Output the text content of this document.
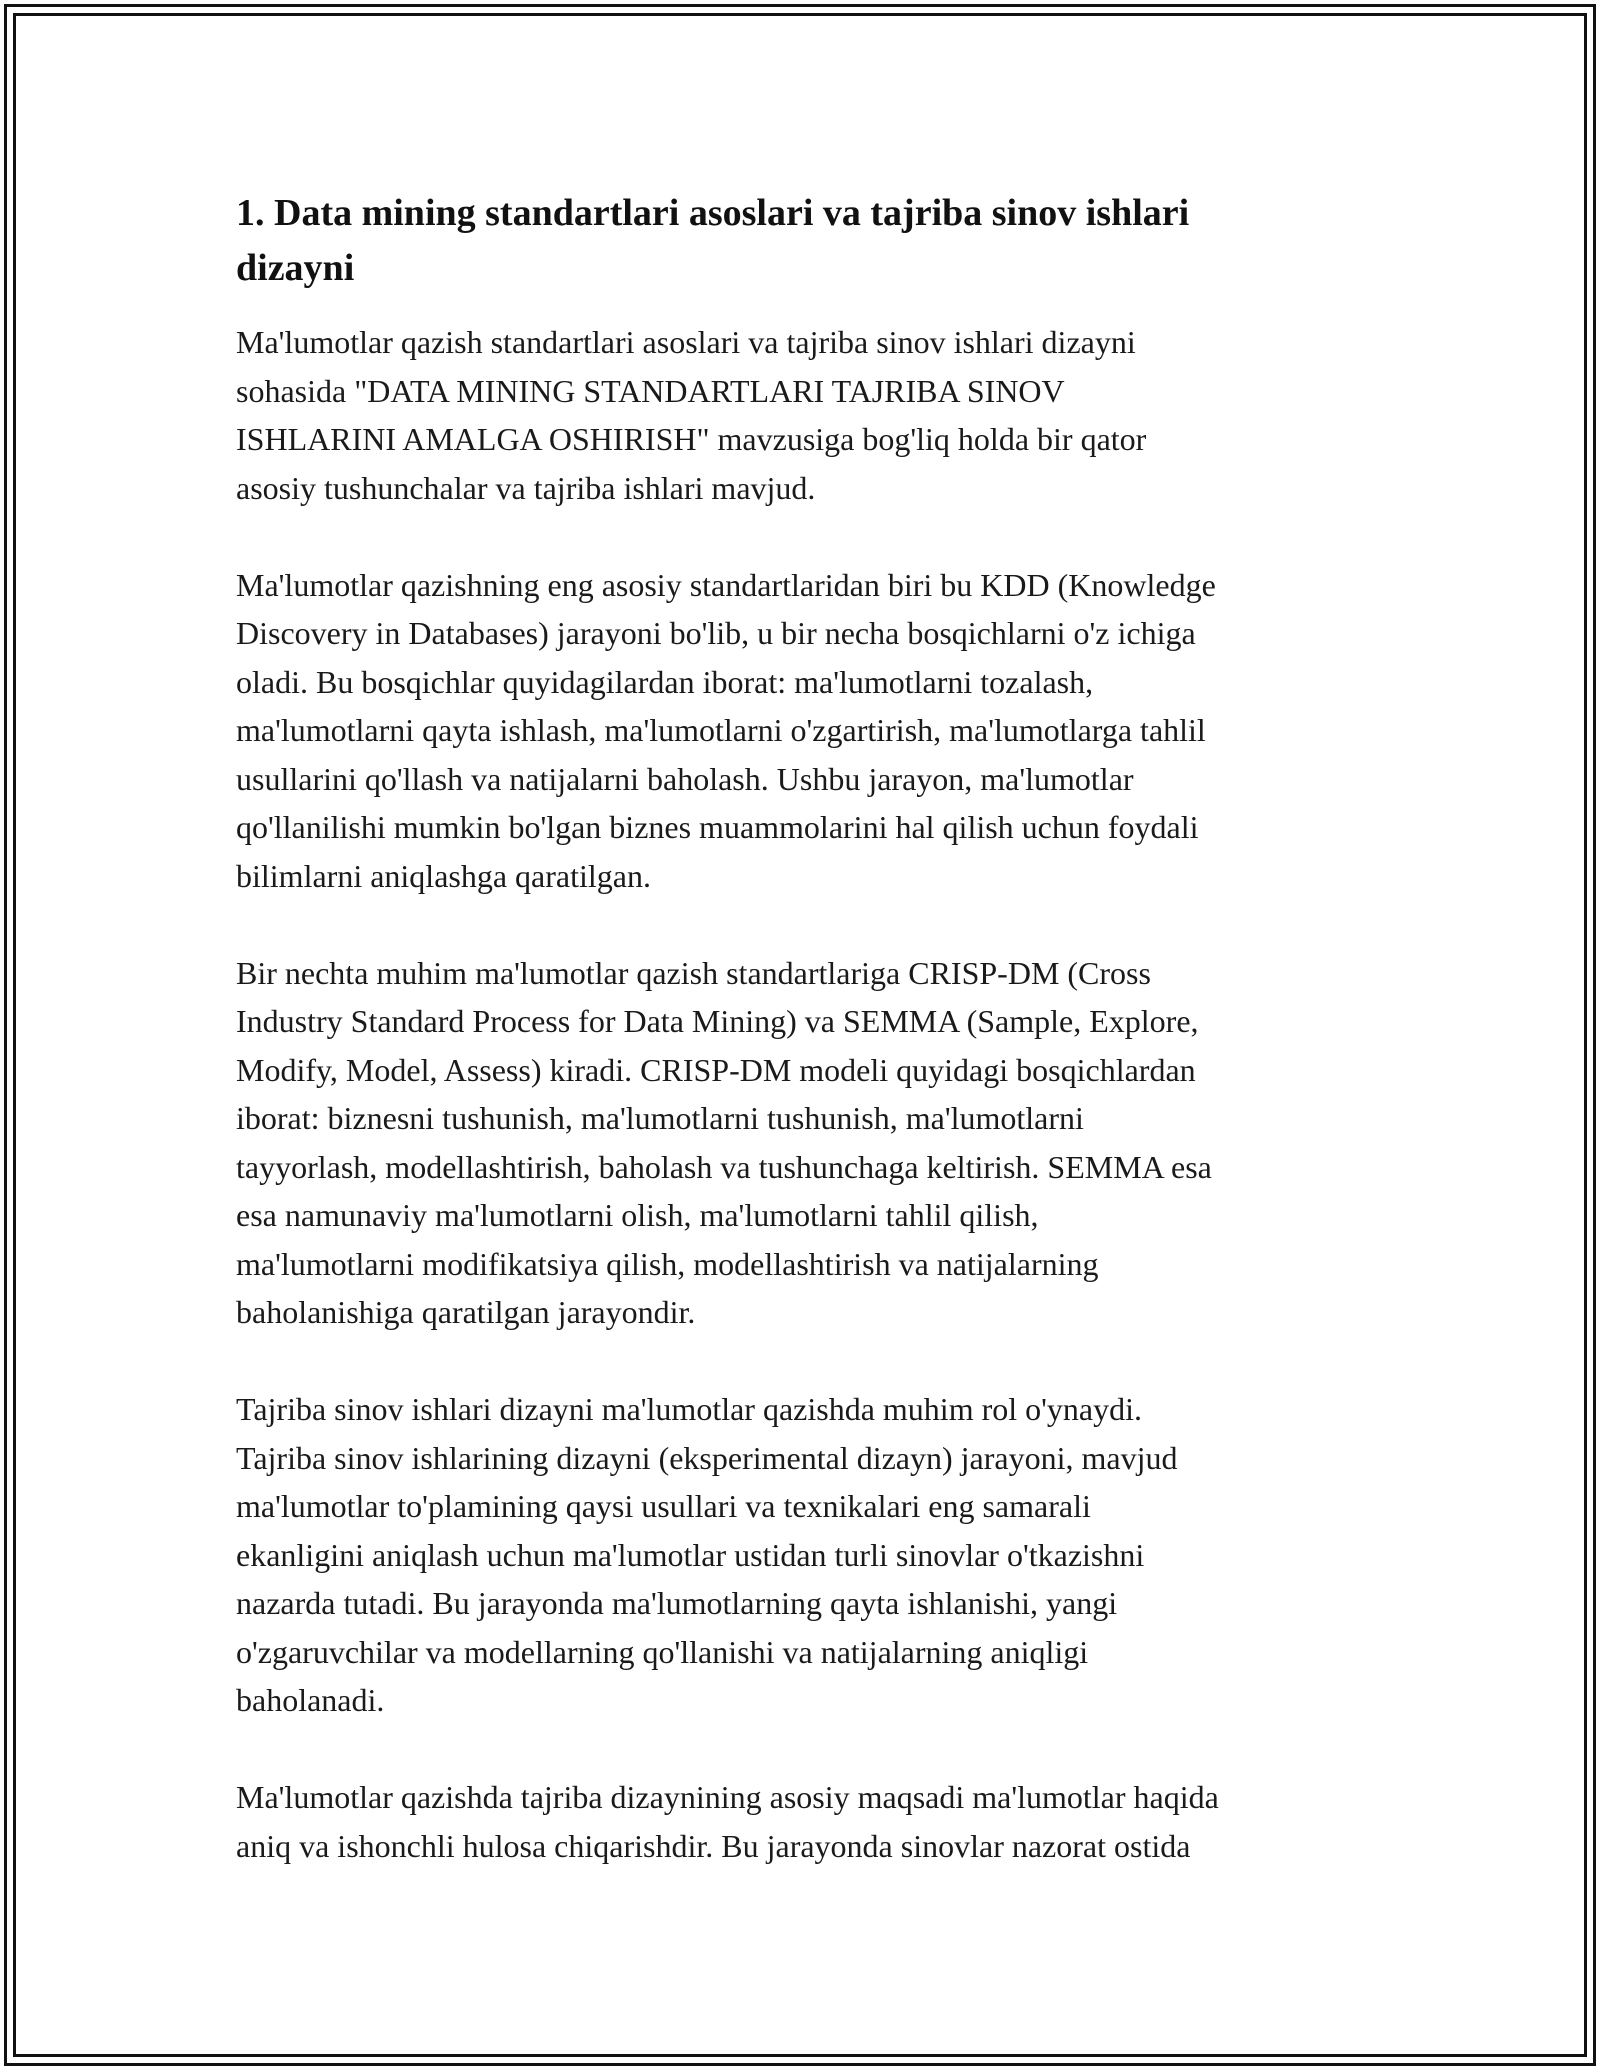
1. Data mining standartlari asoslari va tajriba sinov ishlari
dizayni

Ma'lumotlar qazish standartlari asoslari va tajriba sinov ishlari dizayni
sohasida "DATA MINING STANDARTLARI TAJRIBA SINOV
ISHLARINI AMALGA OSHIRISH" mavzusiga bog'liq holda bir qator
asosiy tushunchalar va tajriba ishlari mavjud.

Ma'lumotlar qazishning eng asosiy standartlaridan biri bu KDD (Knowledge
Discovery in Databases) jarayoni bo'lib, u bir necha bosqichlarni o'z ichiga
oladi. Bu bosqichlar quyidagilardan iborat: ma'lumotlarni tozalash,
ma'lumotlarni qayta ishlash, ma'lumotlarni o'zgartirish, ma'lumotlarga tahlil
usullarini qo'llash va natijalarni baholash. Ushbu jarayon, ma'lumotlar
qo'llanilishi mumkin bo'lgan biznes muammolarini hal qilish uchun foydali
bilimlarni aniqlashga qaratilgan.

Bir nechta muhim ma'lumotlar qazish standartlariga CRISP-DM (Cross
Industry Standard Process for Data Mining) va SEMMA (Sample, Explore,
Modify, Model, Assess) kiradi. CRISP-DM modeli quyidagi bosqichlardan
iborat: biznesni tushunish, ma'lumotlarni tushunish, ma'lumotlarni
tayyorlash, modellashtirish, baholash va tushunchaga keltirish. SEMMA esa
esa namunaviy ma'lumotlarni olish, ma'lumotlarni tahlil qilish,
ma'lumotlarni modifikatsiya qilish, modellashtirish va natijalarning
baholanishiga qaratilgan jarayondir.

Tajriba sinov ishlari dizayni ma'lumotlar qazishda muhim rol o'ynaydi.
Tajriba sinov ishlarining dizayni (eksperimental dizayn) jarayoni, mavjud
ma'lumotlar to'plamining qaysi usullari va texnikalari eng samarali
ekanligini aniqlash uchun ma'lumotlar ustidan turli sinovlar o'tkazishni
nazarda tutadi. Bu jarayonda ma'lumotlarning qayta ishlanishi, yangi
o'zgaruvchilar va modellarning qo'llanishi va natijalarning aniqligi
baholanadi.

Ma'lumotlar qazishda tajriba dizaynining asosiy maqsadi ma'lumotlar haqida
aniq va ishonchli hulosa chiqarishdir. Bu jarayonda sinovlar nazorat ostida
